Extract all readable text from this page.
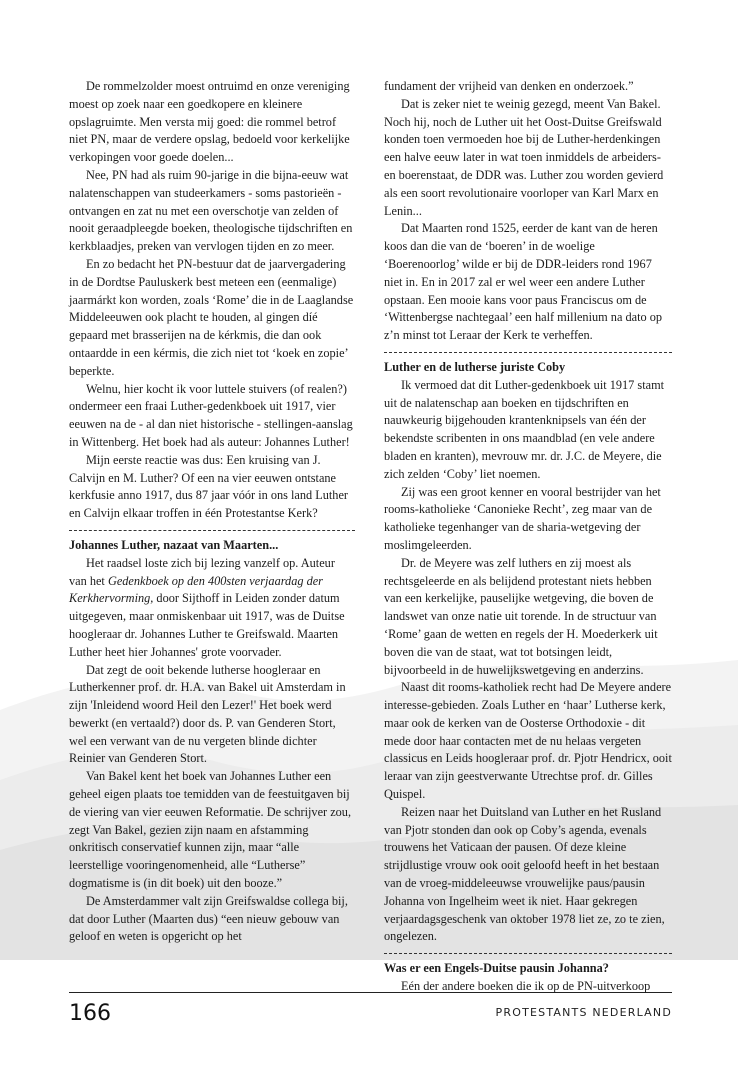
De rommelzolder moest ontruimd en onze vereniging moest op zoek naar een goedkopere en kleinere opslagruimte. Men versta mij goed: die rommel betrof niet PN, maar de verdere opslag, bedoeld voor kerkelijke verkopingen voor goede doelen...

Nee, PN had als ruim 90-jarige in die bijna-eeuw wat nalatenschappen van studeerkamers - soms pastorieën - ontvangen en zat nu met een overschotje van zelden of nooit geraadpleegde boeken, theologische tijdschriften en kerkblaadjes, preken van vervlogen tijden en zo meer.

En zo bedacht het PN-bestuur dat de jaarvergadering in de Dordtse Pauluskerk best meteen een (eenmalige) jaarmárkt kon worden, zoals ‘Rome’ die in de Laaglandse Middeleeuwen ook placht te houden, al gingen díé gepaard met brasserijen na de kérkmis, die dan ook ontaardde in een kérmis, die zich niet tot ‘koek en zopie’ beperkte.

Welnu, hier kocht ik voor luttele stuivers (of realen?) ondermeer een fraai Luther-gedenkboek uit 1917, vier eeuwen na de - al dan niet historische - stellingen-aanslag in Wittenberg. Het boek had als auteur: Johannes Luther!

Mijn eerste reactie was dus: Een kruising van J. Calvijn en M. Luther? Of een na vier eeuwen ontstane kerkfusie anno 1917, dus 87 jaar vóór in ons land Luther en Calvijn elkaar troffen in één Protestantse Kerk?

Johannes Luther, nazaat van Maarten...

Het raadsel loste zich bij lezing vanzelf op. Auteur van het Gedenkboek op den 400sten verjaardag der Kerkhervorming, door Sijthoff in Leiden zonder datum uitgegeven, maar onmiskenbaar uit 1917, was de Duitse hoogleraar dr. Johannes Luther te Greifswald. Maarten Luther heet hier Johannes' grote voorvader.

Dat zegt de ooit bekende lutherse hoogleraar en Lutherkenner prof. dr. H.A. van Bakel uit Amsterdam in zijn 'Inleidend woord Heil den Lezer!' Het boek werd bewerkt (en vertaald?) door ds. P. van Genderen Stort, wel een verwant van de nu vergeten blinde dichter Reinier van Genderen Stort.

Van Bakel kent het boek van Johannes Luther een geheel eigen plaats toe temidden van de feestuitgaven bij de viering van vier eeuwen Reformatie. De schrijver zou, zegt Van Bakel, gezien zijn naam en afstamming onkritisch conservatief kunnen zijn, maar “alle leerstellige vooringenomenheid, alle “Lutherse” dogmatisme is (in dit boek) uit den booze.”

De Amsterdammer valt zijn Greifswaldse collega bij, dat door Luther (Maarten dus) “een nieuw gebouw van geloof en weten is opgericht op het

fundament der vrijheid van denken en onderzoek.”

Dat is zeker niet te weinig gezegd, meent Van Bakel. Noch hij, noch de Luther uit het Oost-Duitse Greifswald konden toen vermoeden hoe bij de Luther-herdenkingen een halve eeuw later in wat toen inmiddels de arbeiders- en boerenstaat, de DDR was. Luther zou worden gevierd als een soort revolutionaire voorloper van Karl Marx en Lenin...

Dat Maarten rond 1525, eerder de kant van de heren koos dan die van de ‘boeren’ in de woelige ‘Boerenoorlog’ wilde er bij de DDR-leiders rond 1967 niet in. En in 2017 zal er wel weer een andere Luther opstaan. Een mooie kans voor paus Franciscus om de ‘Wittenbergse nachtegaal’ een half millenium na dato op z’n minst tot Leraar der Kerk te verheffen.

Luther en de lutherse juriste Coby

Ik vermoed dat dit Luther-gedenkboek uit 1917 stamt uit de nalatenschap aan boeken en tijdschriften en nauwkeurig bijgehouden krantenknipsels van één der bekendste scribenten in ons maandblad (en vele andere bladen en kranten), mevrouw mr. dr. J.C. de Meyere, die zich zelden ‘Coby’ liet noemen.

Zij was een groot kenner en vooral bestrijder van het rooms-katholieke ‘Canonieke Recht’, zeg maar van de katholieke tegenhanger van de sharia-wetgeving der moslimgeleerden.

Dr. de Meyere was zelf luthers en zij moest als rechtsgeleerde en als belijdend protestant niets hebben van een kerkelijke, pauselijke wetgeving, die boven de landswet van onze natie uit torende. In de structuur van ‘Rome’ gaan de wetten en regels der H. Moederkerk uit boven die van de staat, wat tot botsingen leidt, bijvoorbeeld in de huwelijkswetgeving en anderzins.

Naast dit rooms-katholiek recht had De Meyere andere interesse-gebieden. Zoals Luther en ‘haar’ Lutherse kerk, maar ook de kerken van de Oosterse Orthodoxie - dit mede door haar contacten met de nu helaas vergeten classicus en Leids hoogleraar prof. dr. Pjotr Hendricx, ooit leraar van zijn geestverwante Utrechtse prof. dr. Gilles Quispel.

Reizen naar het Duitsland van Luther en het Rusland van Pjotr stonden dan ook op Coby’s agenda, evenals trouwens het Vaticaan der pausen. Of deze kleine strijdlustige vrouw ook ooit geloofd heeft in het bestaan van de vroeg-middeleeuwse vrouwelijke paus/pausin Johanna von Ingelheim weet ik niet. Haar gekregen verjaardagsgeschenk van oktober 1978 liet ze, zo te zien, ongelezen.

Was er een Engels-Duitse pausin Johanna?

Eén der andere boeken die ik op de PN-uitverkoop

166	PROTESTANTS NEDERLAND
